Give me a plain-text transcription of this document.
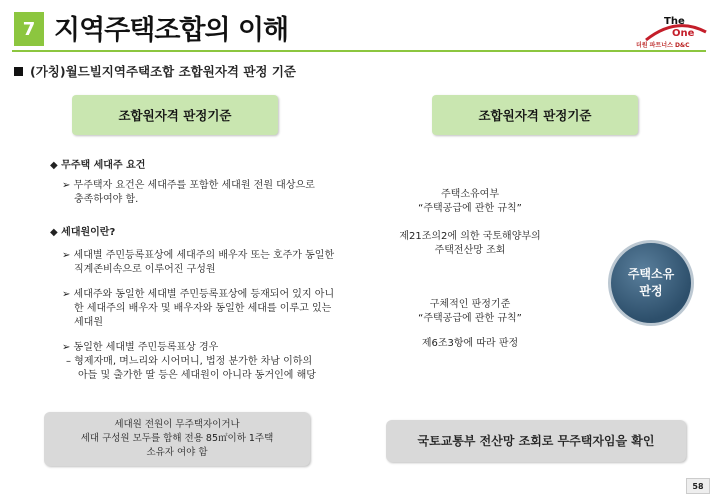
7 지역주택조합의 이해	The
One
더원 파트너스 D&C
(가칭)월드빌지역주택조합 조합원자격 판정 기준
조합원자격 판정기준	조합원자격 판정기준
◆ 무주택 세대주 요건
➢ 무주택자 요건은 세대주를 포함한 세대원 전원 대상으로
충족하여야 함.
◆ 세대원이란?
➢ 세대별 주민등록표상에 세대주의 배우자 또는 호주가 동일한
직계존비속으로 이루어진 구성원
➢ 세대주와 동일한 세대별 주민등록표상에 등재되어 있지 아니
한 세대주의 배우자 및 배우자와 동일한 세대를 이루고 있는
세대원
➢ 동일한 세대별 주민등록표상 경우
– 형제자매, 며느리와 시어머니, 법정 분가한 차남 이하의
아들 및 출가한 딸 등은 세대원이 아니라 동거인에 해당
주택소유여부
“주택공급에 관한 규칙”
제21조의2에 의한 국토해양부의
주택전산망 조회
구체적인 판정기준
“주택공급에 관한 규칙”
제6조3항에 따라 판정
주택소유
판정
세대원 전원이 무주택자이거나
세대 구성원 모두를 합해 전용 85㎡이하 1주택
소유자 여야 함
국토교통부 전산망 조회로 무주택자임을 확인
58
